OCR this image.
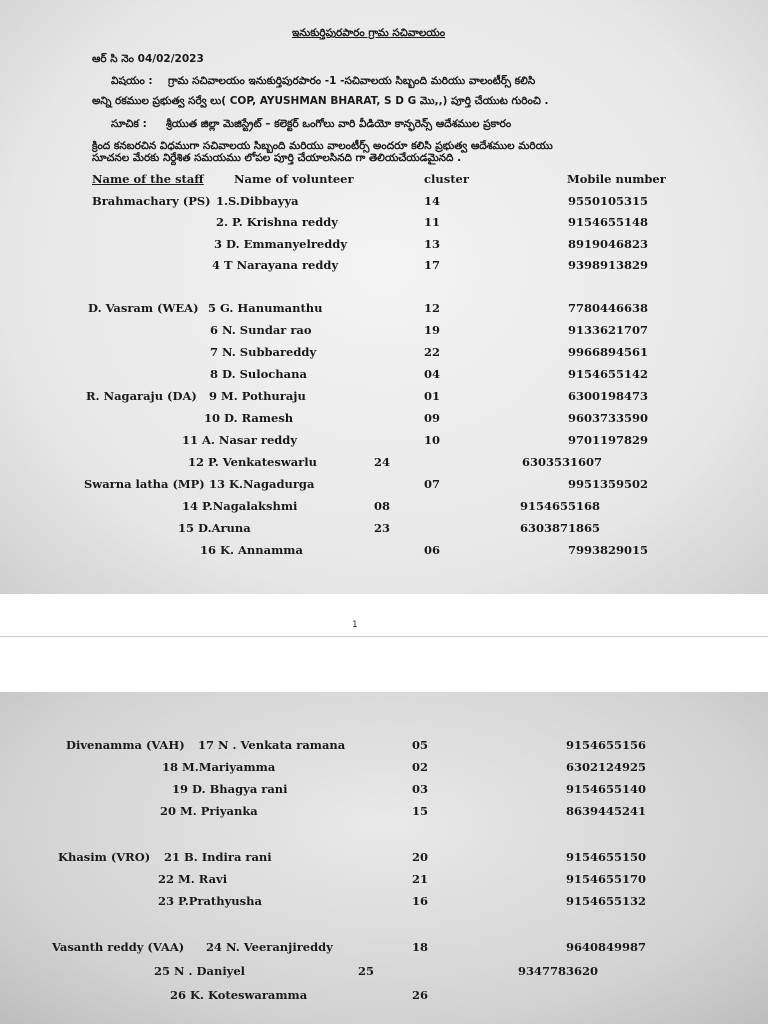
ఇనుకుర్తిపురపారం గ్రామ సచివాలయం
ఆర్ సి నెం 04/02/2023
విషయం : గ్రామ సచివాలయం ఇనుకుర్తిపురపారం -1 -సచివాలయ సిబ్బంది మరియు వాలంటీర్స్ కలిసి
అన్ని రకముల ప్రభుత్వ సర్వే లు( COP, AYUSHMAN BHARAT, S D G మొ,,) పూర్తి చేయుట గురించి .
సూచిక : శ్రీయుత జిల్లా మెజిస్ట్రేట్ – కలెక్టర్ ఒంగోలు వారి వీడియో కాన్ఫరెన్స్ ఆదేశముల ప్రకారం
క్రింద కనబరచిన విధముగా సచివాలయ సిబ్బంది మరియు వాలంటీర్స్ అందరూ కలిసి ప్రభుత్వ ఆదేశముల మరియు
సూచనల మేరకు నిర్దేశిత సమయము లోపల పూర్తి చేయాలసినది గా తెలియచేయడమైనది .
Name of the staff	Name of volunteer	cluster	Mobile number
Brahmachary (PS) 1.S.Dibbayya	14	9550105315
2. P. Krishna reddy	11	9154655148
3 D. Emmanyelreddy	13	8919046823
4 T Narayana reddy	17	9398913829
D. Vasram (WEA) 5 G. Hanumanthu	12	7780446638
6 N. Sundar rao	19	9133621707
7 N. Subbareddy	22	9966894561
8 D. Sulochana	04	9154655142
R. Nagaraju (DA) 9 M. Pothuraju	01	6300198473
10 D. Ramesh	09	9603733590
11 A. Nasar reddy	10	9701197829
12 P. Venkateswarlu	24	6303531607
Swarna latha (MP) 13 K.Nagadurga	07	9951359502
14 P.Nagalakshmi	08	9154655168
15 D.Aruna	23	6303871865
16 K. Annamma	06	7993829015
1
Divenamma (VAH) 17 N . Venkata ramana	05	9154655156
18 M.Mariyamma	02	6302124925
19 D. Bhagya rani	03	9154655140
20 M. Priyanka	15	8639445241
Khasim (VRO) 21 B. Indira rani	20	9154655150
22 M. Ravi	21	9154655170
23 P.Prathyusha	16	9154655132
Vasanth reddy (VAA) 24 N. Veeranjireddy	18	9640849987
25 N . Daniyel	25	9347783620
26 K. Koteswaramma	26
